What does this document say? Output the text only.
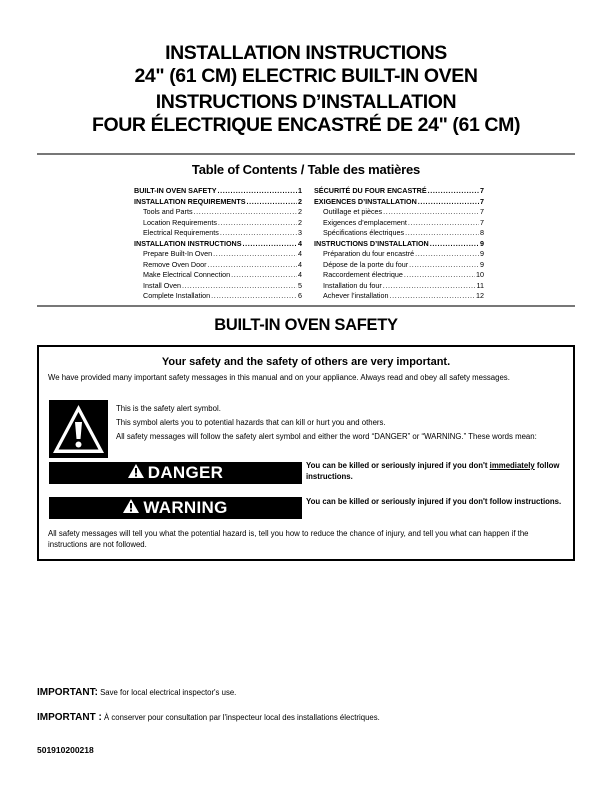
INSTALLATION INSTRUCTIONS
24" (61 CM) ELECTRIC BUILT-IN OVEN
INSTRUCTIONS D’INSTALLATION
FOUR ÉLECTRIQUE ENCASTRÉ DE 24" (61 CM)
Table of Contents / Table des matières
BUILT-IN OVEN SAFETY .....	1
INSTALLATION REQUIREMENTS .....	2
Tools and Parts .....	2
Location Requirements .....	2
Electrical Requirements .....	3
INSTALLATION INSTRUCTIONS .....	4
Prepare Built-In Oven .....	4
Remove Oven Door .....	4
Make Electrical Connection .....	4
Install Oven .....	5
Complete Installation .....	6
SÉCURITÉ DU FOUR ENCASTRÉ .....	7
EXIGENCES D’INSTALLATION .....	7
Outillage et pièces .....	7
Exigences d’emplacement .....	7
Spécifications électriques .....	8
INSTRUCTIONS D’INSTALLATION .....	9
Préparation du four encastré .....	9
Dépose de la porte du four .....	9
Raccordement électrique .....	10
Installation du four .....	11
Achever l’installation .....	12
BUILT-IN OVEN SAFETY
Your safety and the safety of others are very important.
We have provided many important safety messages in this manual and on your appliance. Always read and obey all safety messages.

This is the safety alert symbol.

This symbol alerts you to potential hazards that can kill or hurt you and others.

All safety messages will follow the safety alert symbol and either the word “DANGER” or “WARNING.” These words mean:

DANGER	You can be killed or seriously injured if you don't immediately follow instructions.
WARNING	You can be killed or seriously injured if you don't follow instructions.
All safety messages will tell you what the potential hazard is, tell you how to reduce the chance of injury, and tell you what can happen if the instructions are not followed.
IMPORTANT: Save for local electrical inspector's use.
IMPORTANT : À conserver pour consultation par l'inspecteur local des installations électriques.
501910200218
